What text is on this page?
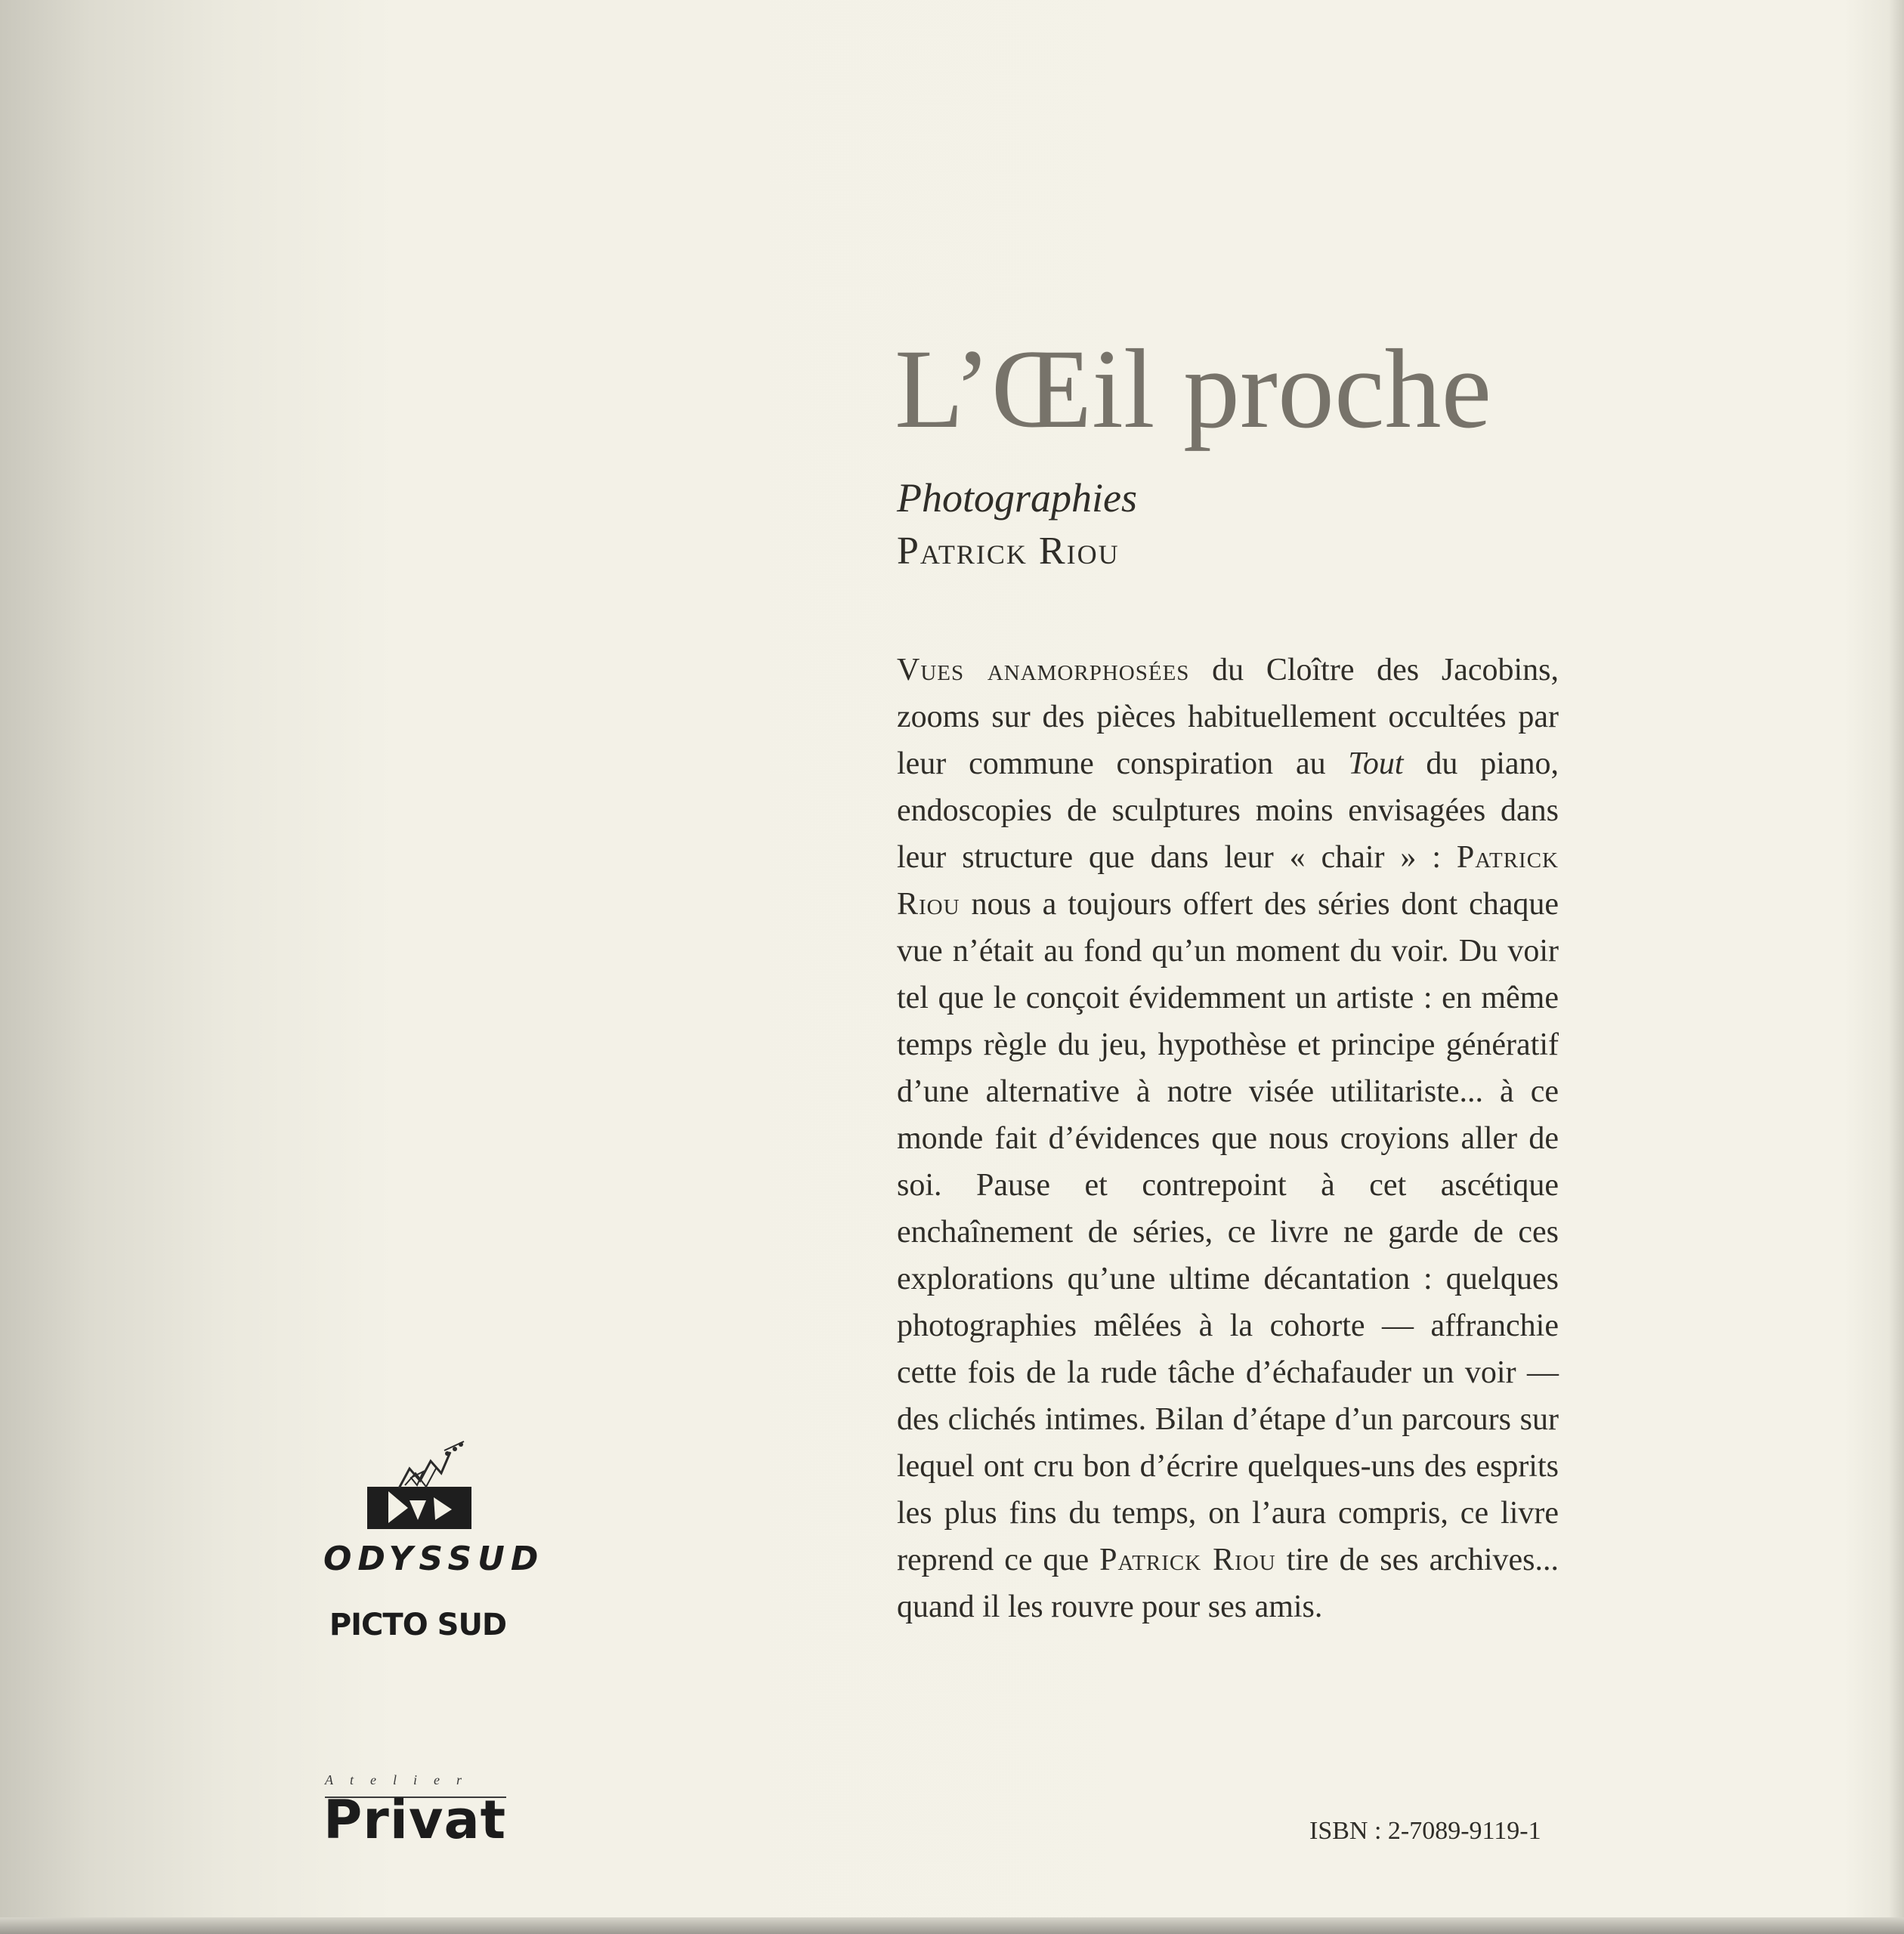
L’Œil proche
Photographies
Patrick Riou

Vues anamorphosées du Cloître des Jacobins, zooms sur des pièces habituellement occultées par leur commune conspiration au Tout du piano, endoscopies de sculptures moins envisagées dans leur structure que dans leur « chair » : Patrick Riou nous a toujours offert des séries dont chaque vue n’était au fond qu’un moment du voir. Du voir tel que le conçoit évidemment un artiste : en même temps règle du jeu, hypothèse et principe génératif d’une alternative à notre visée utilitariste... à ce monde fait d’évidences que nous croyions aller de soi. Pause et contrepoint à cet ascétique enchaînement de séries, ce livre ne garde de ces explorations qu’une ultime décantation : quelques photographies mêlées à la cohorte — affranchie cette fois de la rude tâche d’échafauder un voir — des clichés intimes. Bilan d’étape d’un parcours sur lequel ont cru bon d’écrire quelques-uns des esprits les plus fins du temps, on l’aura compris, ce livre reprend ce que Patrick Riou tire de ses archives... quand il les rouvre pour ses amis.

ISBN : 2-7089-9119-1
ODYSSUD
PICTO SUD
Atelier
Privat
